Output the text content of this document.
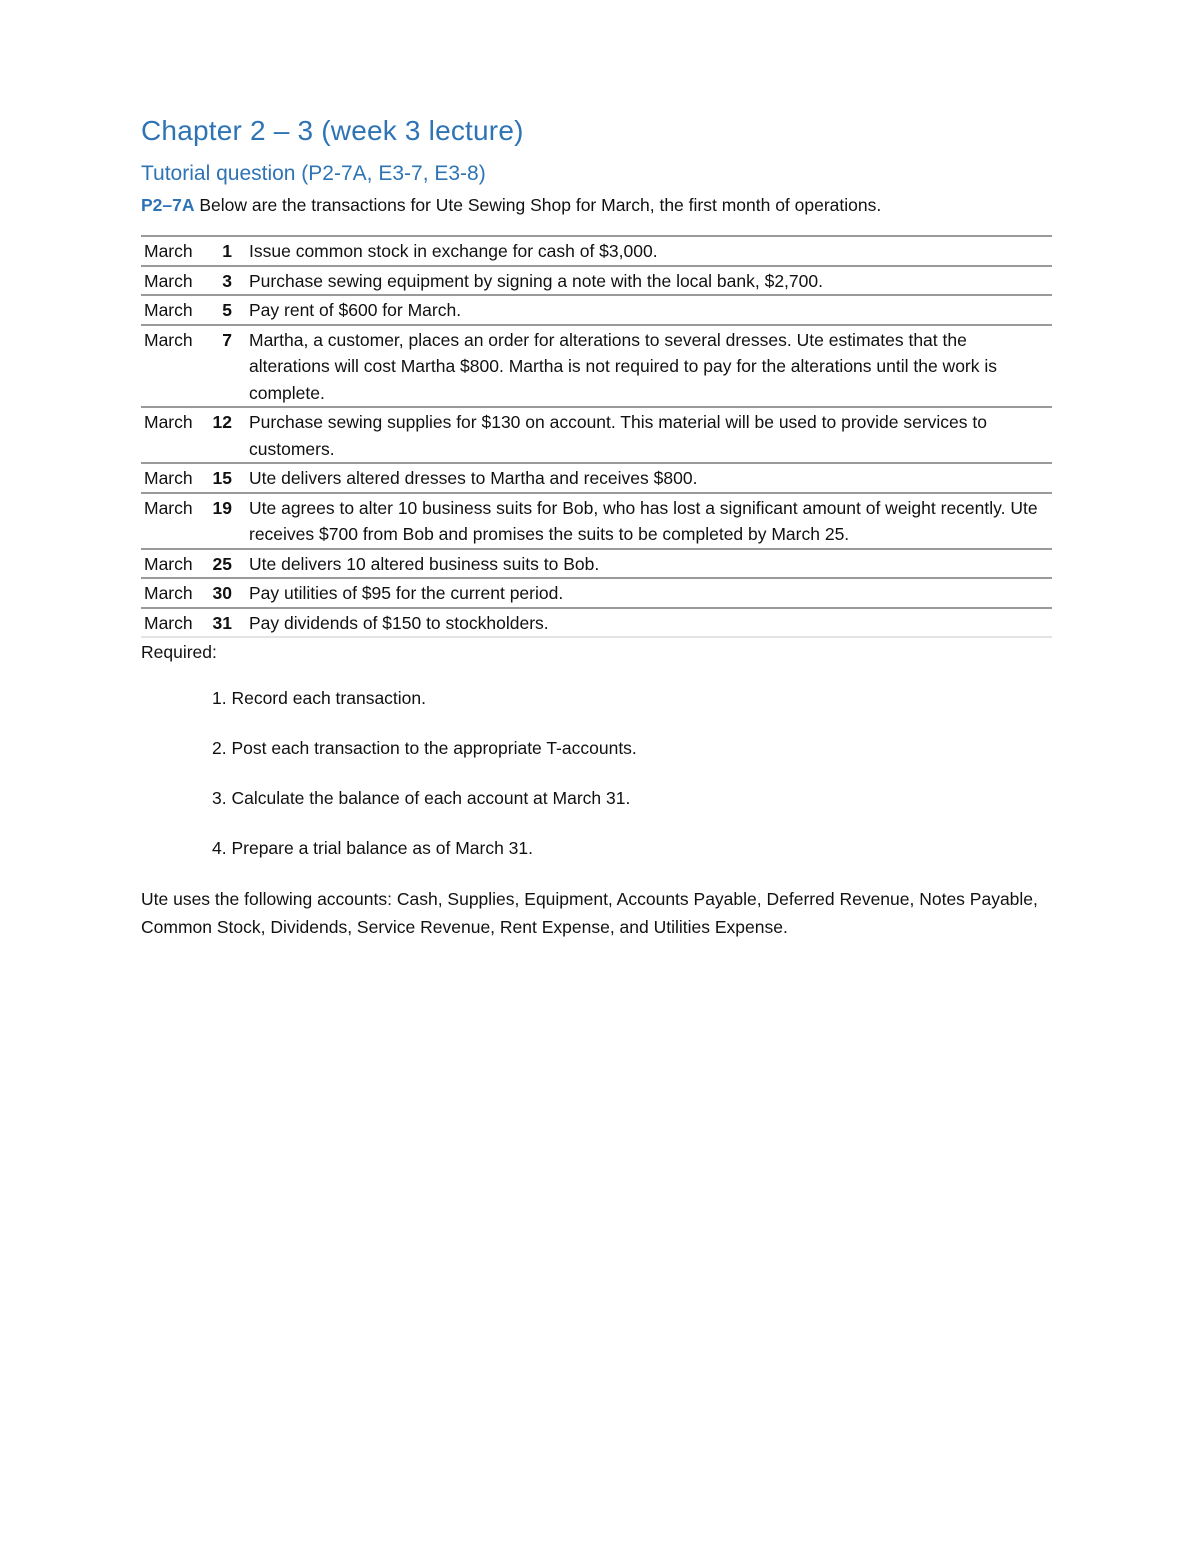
Chapter 2 – 3 (week 3 lecture)
Tutorial question (P2-7A, E3-7, E3-8)

P2–7A Below are the transactions for Ute Sewing Shop for March, the first month of operations.

March 1	Issue common stock in exchange for cash of $3,000.
March 3	Purchase sewing equipment by signing a note with the local bank, $2,700.
March 5	Pay rent of $600 for March.
March 7	Martha, a customer, places an order for alterations to several dresses. Ute estimates that the alterations will cost Martha $800. Martha is not required to pay for the alterations until the work is complete.
March 12	Purchase sewing supplies for $130 on account. This material will be used to provide services to customers.
March 15	Ute delivers altered dresses to Martha and receives $800.
March 19	Ute agrees to alter 10 business suits for Bob, who has lost a significant amount of weight recently. Ute receives $700 from Bob and promises the suits to be completed by March 25.
March 25	Ute delivers 10 altered business suits to Bob.
March 30	Pay utilities of $95 for the current period.
March 31	Pay dividends of $150 to stockholders.

Required:

1. Record each transaction.
2. Post each transaction to the appropriate T-accounts.
3. Calculate the balance of each account at March 31.
4. Prepare a trial balance as of March 31.

Ute uses the following accounts: Cash, Supplies, Equipment, Accounts Payable, Deferred Revenue, Notes Payable, Common Stock, Dividends, Service Revenue, Rent Expense, and Utilities Expense.
